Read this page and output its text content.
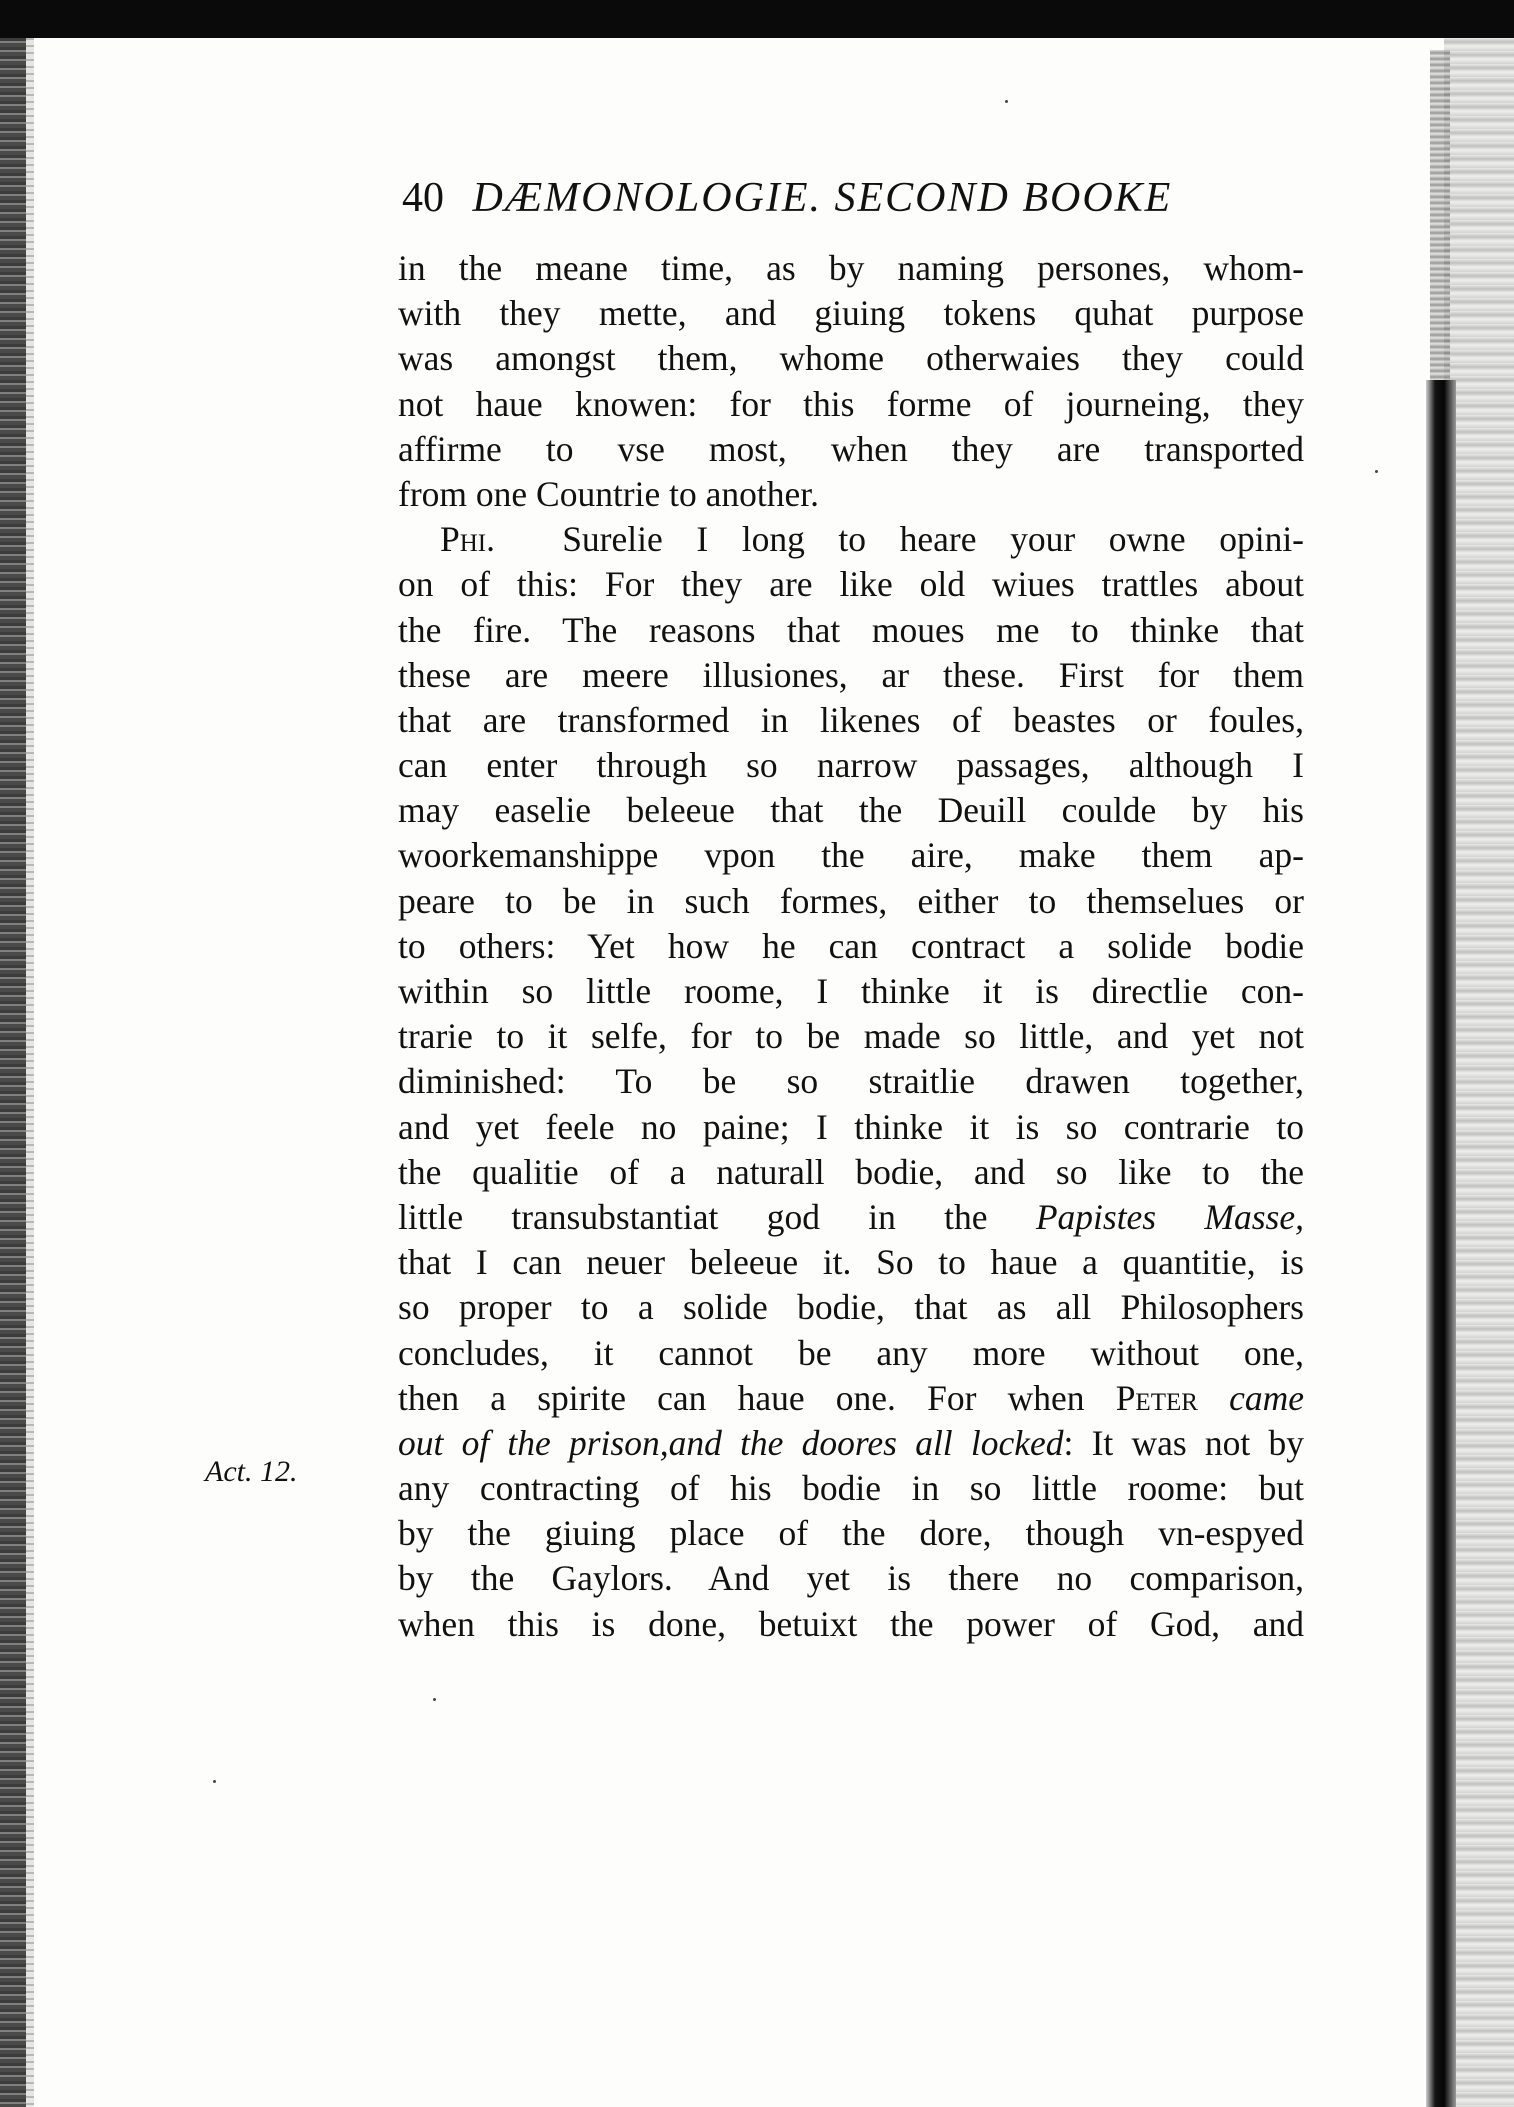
40 DÆMONOLOGIE. SECOND BOOKE
Act. 12.
in the meane time, as by naming persones, whom-
with they mette, and giuing tokens quhat purpose
was amongst them, whome otherwaies they could
not haue knowen: for this forme of journeing, they
affirme to vse most, when they are transported
from one Countrie to another.
Phi. Surelie I long to heare your owne opini-
on of this: For they are like old wiues trattles about
the fire. The reasons that moues me to thinke that
these are meere illusiones, ar these. First for them
that are transformed in likenes of beastes or foules,
can enter through so narrow passages, although I
may easelie beleeue that the Deuill coulde by his
woorkemanshippe vpon the aire, make them ap-
peare to be in such formes, either to themselues or
to others: Yet how he can contract a solide bodie
within so little roome, I thinke it is directlie con-
trarie to it selfe, for to be made so little, and yet not
diminished: To be so straitlie drawen together,
and yet feele no paine; I thinke it is so contrarie to
the qualitie of a naturall bodie, and so like to the
little transubstantiat god in the Papistes Masse,
that I can neuer beleeue it. So to haue a quantitie, is
so proper to a solide bodie, that as all Philosophers
concludes, it cannot be any more without one,
then a spirite can haue one. For when Peter came
out of the prison,and the doores all locked: It was not by
any contracting of his bodie in so little roome: but
by the giuing place of the dore, though vn-espyed
by the Gaylors. And yet is there no comparison,
when this is done, betuixt the power of God, and
